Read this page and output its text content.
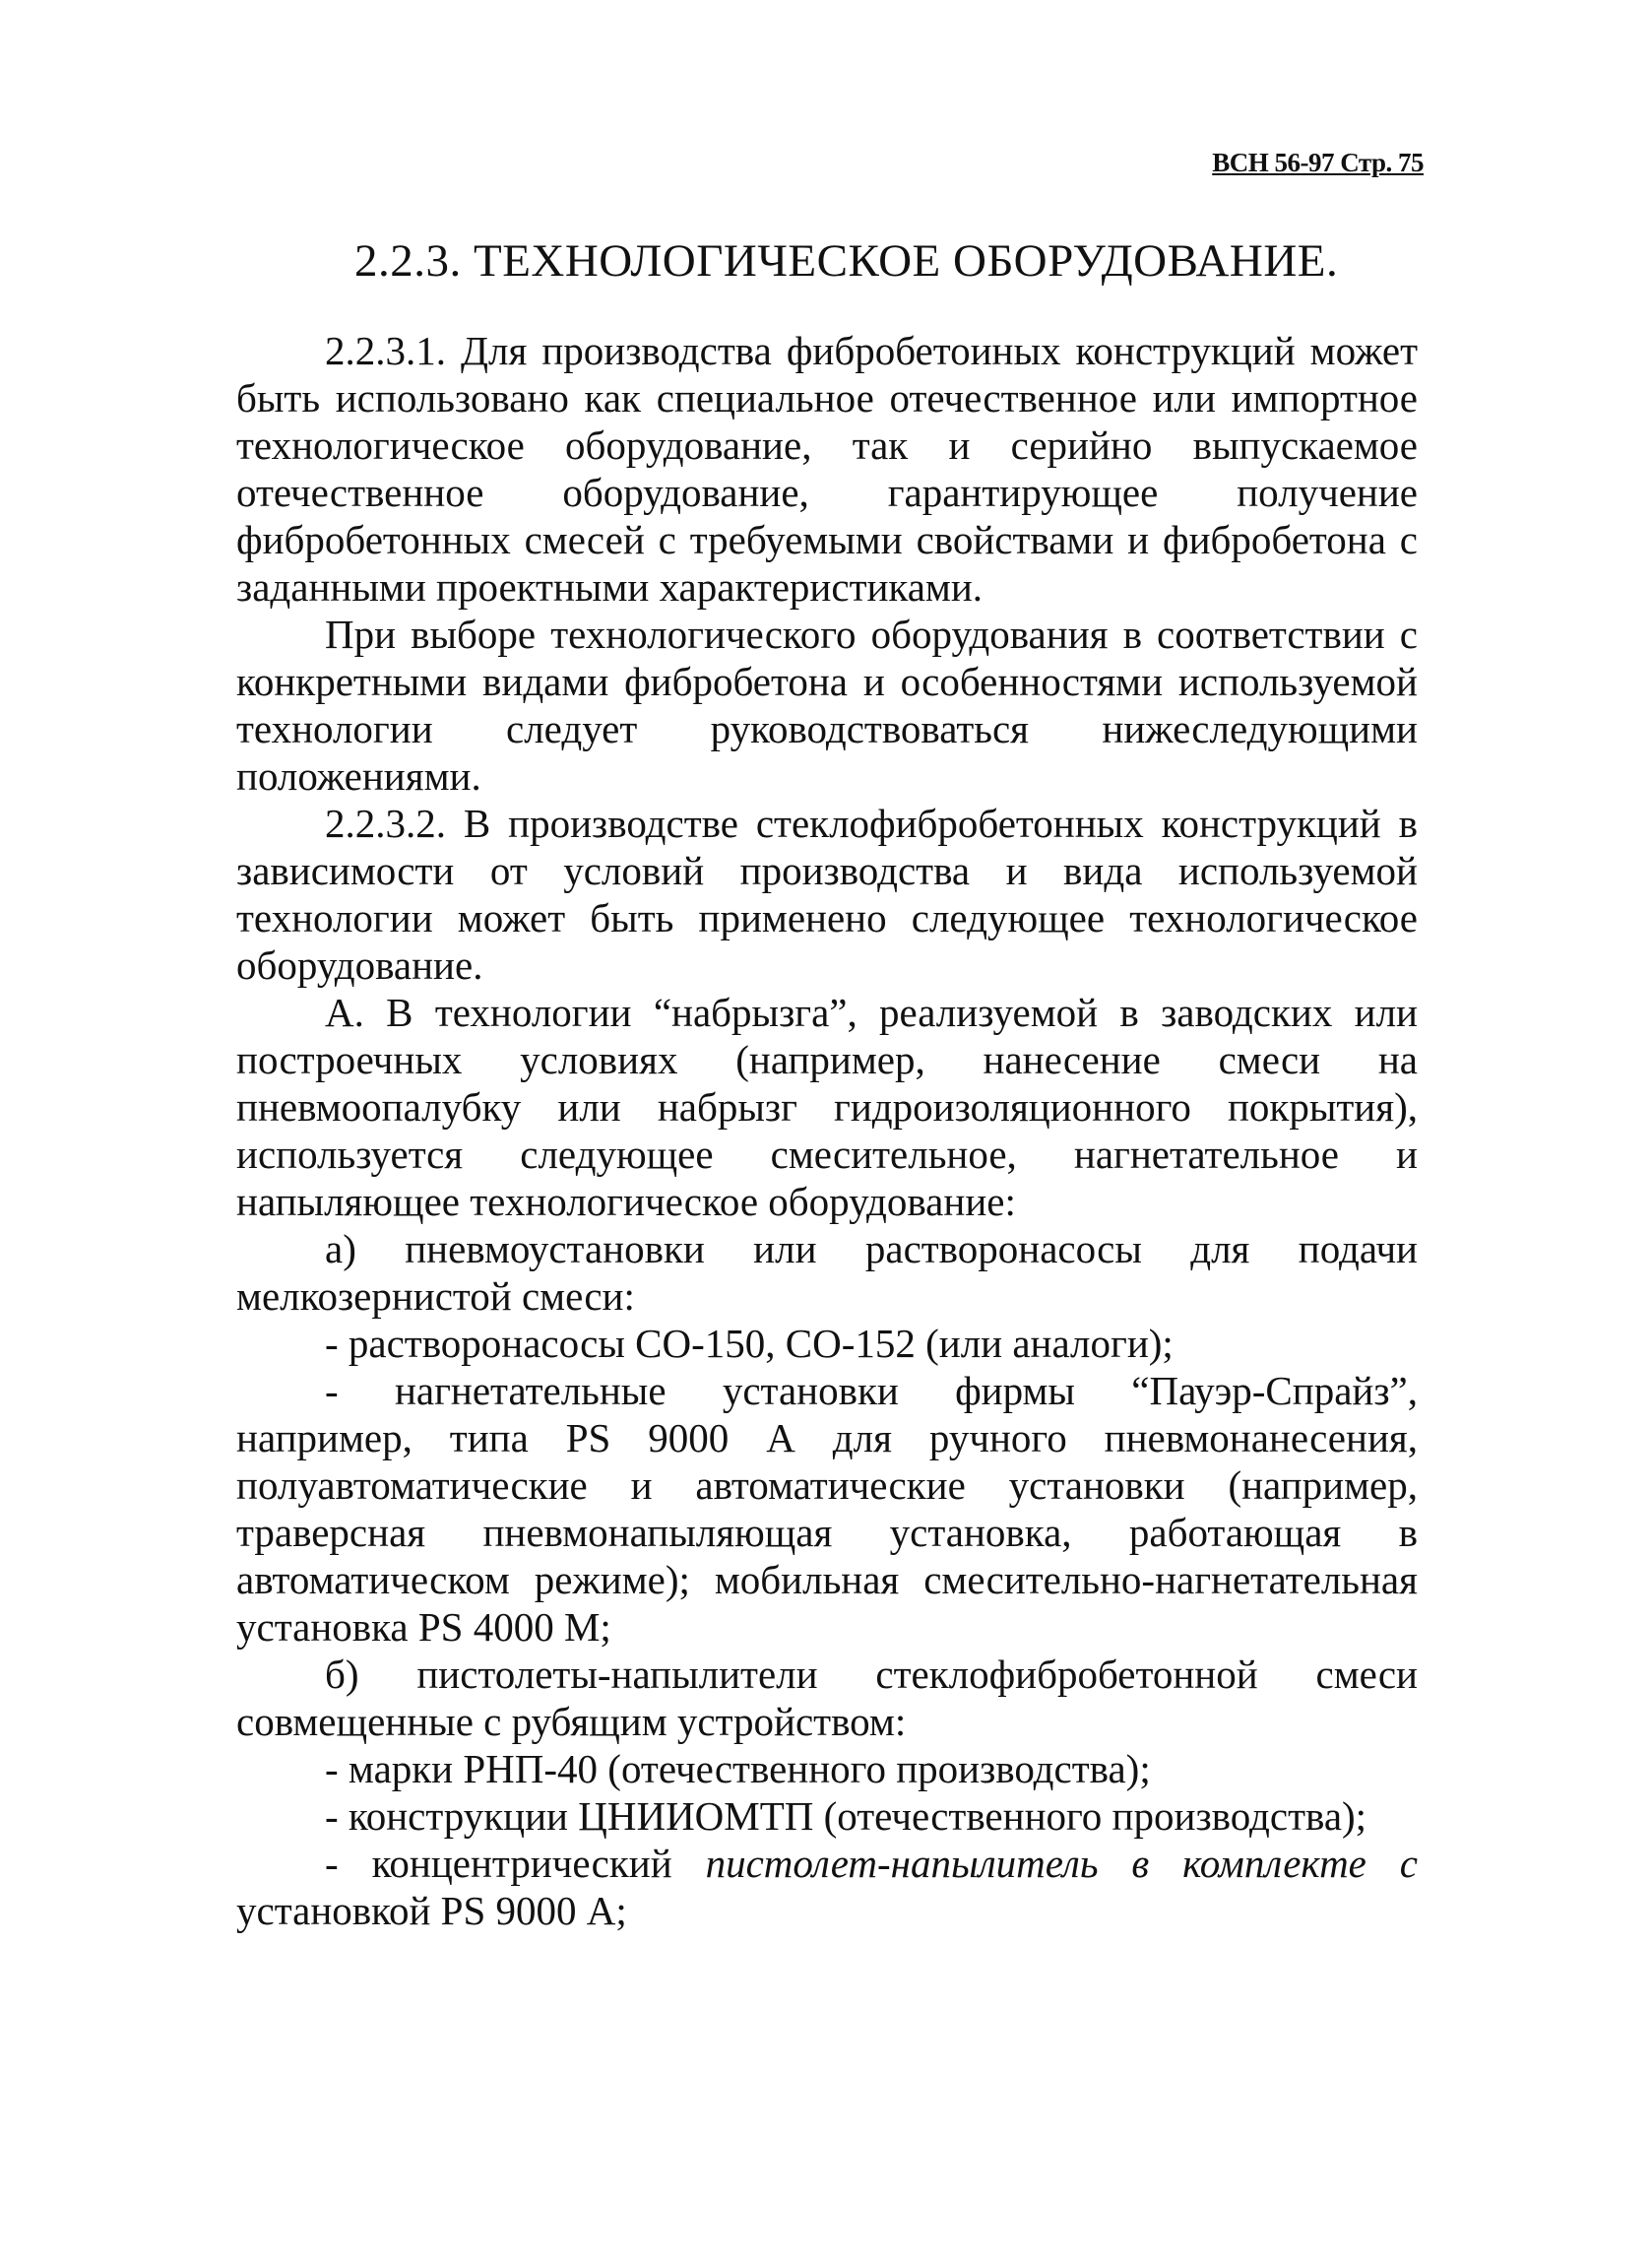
ВСН 56-97 Стр. 75
2.2.3. ТЕХНОЛОГИЧЕСКОЕ ОБОРУДОВАНИЕ.

2.2.3.1. Для производства фибробетоиных конструкций может быть использовано как специальное отечественное или импортное технологическое оборудование, так и серийно выпускаемое отечественное оборудование, гарантирующее получение фибробетонных смесей с требуемыми свойствами и фибробетона с заданными проектными характеристиками.

При выборе технологического оборудования в соответствии с конкретными видами фибробетона и особенностями используемой технологии следует руководствоваться нижеследующими положениями.

2.2.3.2. В производстве стеклофибробетонных конструкций в зависимости от условий производства и вида используемой технологии может быть применено следующее технологическое оборудование.

А. В технологии “набрызга”, реализуемой в заводских или построечных условиях (например, нанесение смеси на пневмоопалубку или набрызг гидроизоляционного покрытия), используется следующее смесительное, нагнетательное и напыляющее технологическое оборудование:

а) пневмоустановки или растворонасосы для подачи мелкозернистой смеси:

- растворонасосы СО-150, СО-152 (или аналоги);

- нагнетательные установки фирмы “Пауэр-Спрайз”, например, типа PS 9000 А для ручного пневмонанесения, полуавтоматические и автоматические установки (например, траверсная пневмонапыляющая установка, работающая в автоматическом режиме); мобильная смесительно-нагнетательная установка PS 4000 М;

б) пистолеты-напылители стеклофибробетонной смеси совмещенные с рубящим устройством:

- марки РНП-40 (отечественного производства);

- конструкции ЦНИИОМТП (отечественного производства);

- концентрический пистолет-напылитель в комплекте с установкой PS 9000 А;
